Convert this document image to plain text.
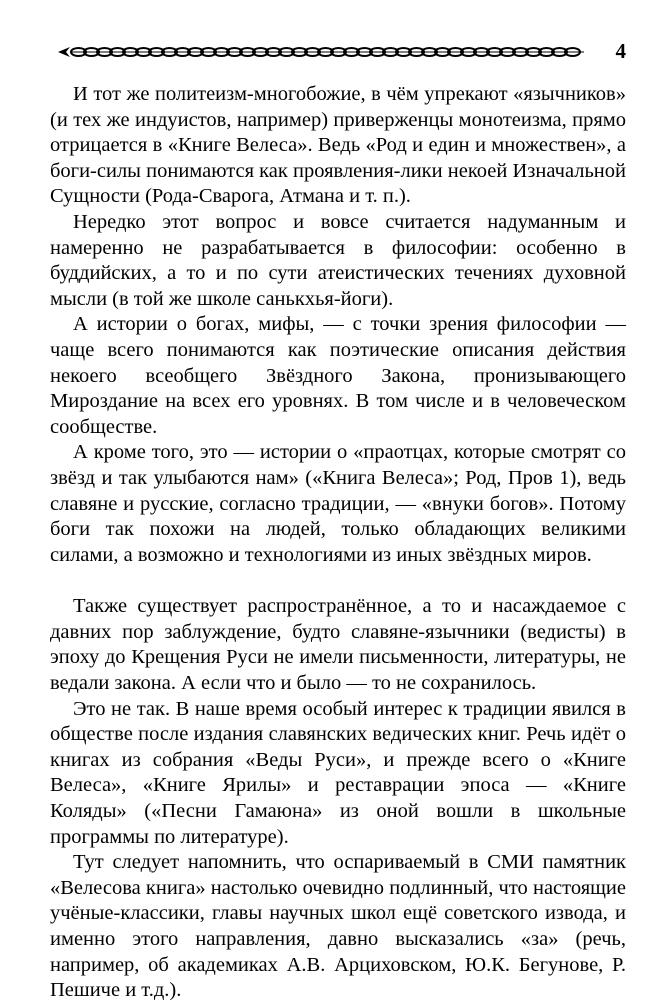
4

И тот же политеизм-многобожие, в чём упрекают «язычников» (и тех же индуистов, например) приверженцы монотеизма, прямо отрицается в «Книге Велеса». Ведь «Род и един и множествен», а боги-силы понимаются как проявления-лики некоей Изначальной Сущности (Рода-Сварога, Атмана и т. п.).

Нередко этот вопрос и вовсе считается надуманным и намеренно не разрабатывается в философии: особенно в буддийских, а то и по сути атеистических течениях духовной мысли (в той же школе санькхья-йоги).

А истории о богах, мифы, — с точки зрения философии — чаще всего понимаются как поэтические описания действия некоего всеобщего Звёздного Закона, пронизывающего Мироздание на всех его уровнях. В том числе и в человеческом сообществе.

А кроме того, это — истории о «праотцах, которые смотрят со звёзд и так улыбаются нам» («Книга Велеса»; Род, Пров 1), ведь славяне и русские, согласно традиции, — «внуки богов». Потому боги так похожи на людей, только обладающих великими силами, а возможно и технологиями из иных звёздных миров.

Также существует распространённое, а то и насаждаемое с давних пор заблуждение, будто славяне-язычники (ведисты) в эпоху до Крещения Руси не имели письменности, литературы, не ведали закона. А если что и было — то не сохранилось.

Это не так. В наше время особый интерес к традиции явился в обществе после издания славянских ведических книг. Речь идёт о книгах из собрания «Веды Руси», и прежде всего о «Книге Велеса», «Книге Ярилы» и реставрации эпоса — «Книге Коляды» («Песни Гамаюна» из оной вошли в школьные программы по литературе).

Тут следует напомнить, что оспариваемый в СМИ памятник «Велесова книга» настолько очевидно подлинный, что настоящие учёные-классики, главы научных школ ещё советского извода, и именно этого направления, давно высказались «за» (речь, например, об академиках А.В. Арциховском, Ю.К. Бегунове, Р. Пешиче и т.д.).
